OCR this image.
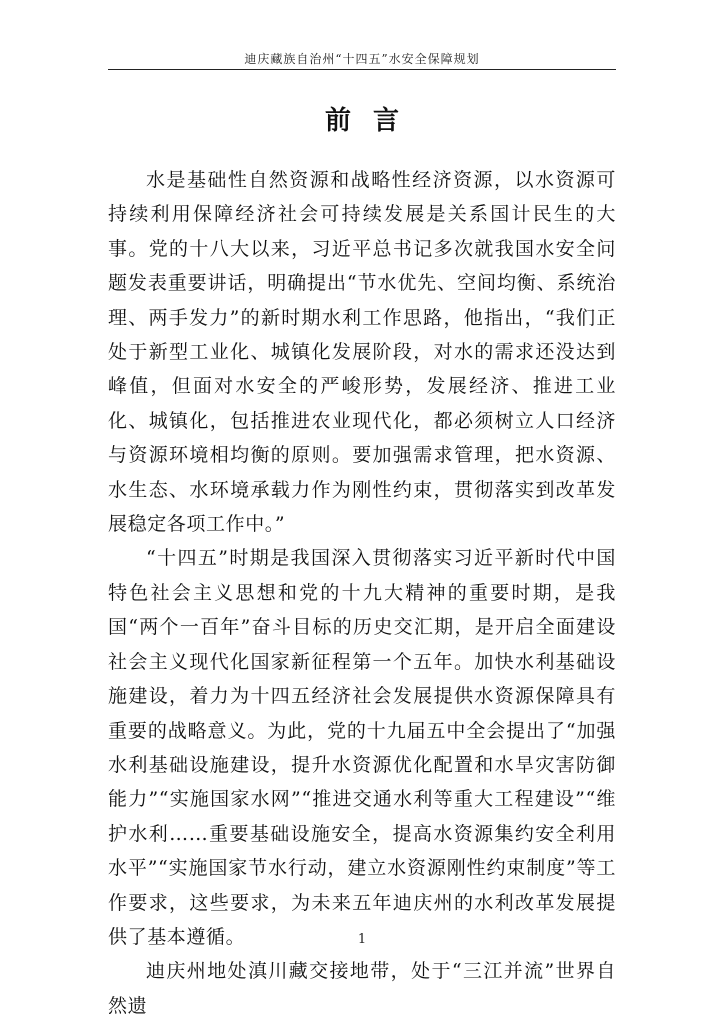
迪庆藏族自治州“十四五”水安全保障规划
前言

水是基础性自然资源和战略性经济资源，以水资源可持续利用保障经济社会可持续发展是关系国计民生的大事。党的十八大以来，习近平总书记多次就我国水安全问题发表重要讲话，明确提出“节水优先、空间均衡、系统治理、两手发力”的新时期水利工作思路，他指出，“我们正处于新型工业化、城镇化发展阶段，对水的需求还没达到峰值，但面对水安全的严峻形势，发展经济、推进工业化、城镇化，包括推进农业现代化，都必须树立人口经济与资源环境相均衡的原则。要加强需求管理，把水资源、水生态、水环境承载力作为刚性约束，贯彻落实到改革发展稳定各项工作中。”

“十四五”时期是我国深入贯彻落实习近平新时代中国特色社会主义思想和党的十九大精神的重要时期，是我国“两个一百年”奋斗目标的历史交汇期，是开启全面建设社会主义现代化国家新征程第一个五年。加快水利基础设施建设，着力为十四五经济社会发展提供水资源保障具有重要的战略意义。为此，党的十九届五中全会提出了“加强水利基础设施建设，提升水资源优化配置和水旱灾害防御能力”“实施国家水网”“推进交通水利等重大工程建设”“维护水利……重要基础设施安全，提高水资源集约安全利用水平”“实施国家节水行动，建立水资源刚性约束制度”等工作要求，这些要求，为未来五年迪庆州的水利改革发展提供了基本遵循。

迪庆州地处滇川藏交接地带，处于“三江并流”世界自然遗

1
